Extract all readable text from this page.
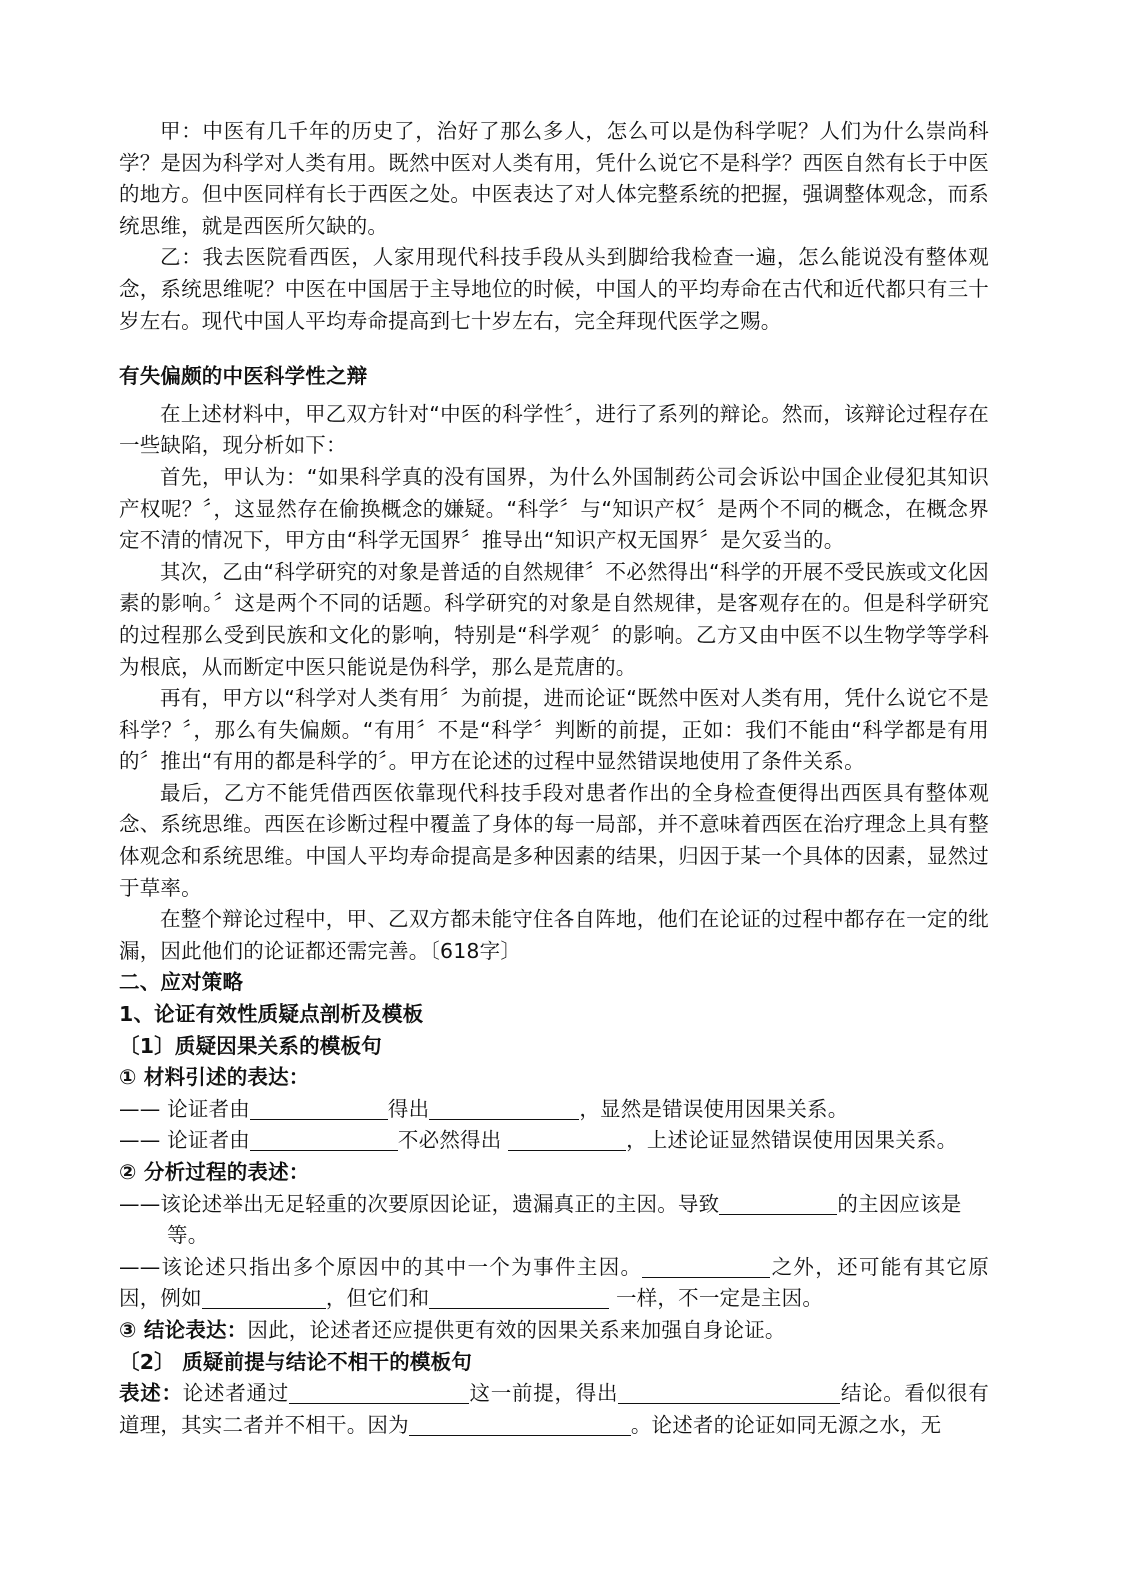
甲：中医有几千年的历史了，治好了那么多人，怎么可以是伪科学呢？人们为什么崇尚科学？是因为科学对人类有用。既然中医对人类有用，凭什么说它不是科学？西医自然有长于中医的地方。但中医同样有长于西医之处。中医表达了对人体完整系统的把握，强调整体观念，而系统思维，就是西医所欠缺的。

乙：我去医院看西医，人家用现代科技手段从头到脚给我检查一遍，怎么能说没有整体观念，系统思维呢？中医在中国居于主导地位的时候，中国人的平均寿命在古代和近代都只有三十岁左右。现代中国人平均寿命提高到七十岁左右，完全拜现代医学之赐。

有失偏颇的中医科学性之辩

在上述材料中，甲乙双方针对“中医的科学性〞，进行了系列的辩论。然而，该辩论过程存在一些缺陷，现分析如下：

首先，甲认为：“如果科学真的没有国界，为什么外国制药公司会诉讼中国企业侵犯其知识产权呢？〞，这显然存在偷换概念的嫌疑。“科学〞与“知识产权〞是两个不同的概念，在概念界定不清的情况下，甲方由“科学无国界〞推导出“知识产权无国界〞是欠妥当的。

其次，乙由“科学研究的对象是普适的自然规律〞不必然得出“科学的开展不受民族或文化因素的影响。〞这是两个不同的话题。科学研究的对象是自然规律，是客观存在的。但是科学研究的过程那么受到民族和文化的影响，特别是“科学观〞的影响。乙方又由中医不以生物学等学科为根底，从而断定中医只能说是伪科学，那么是荒唐的。

再有，甲方以“科学对人类有用〞为前提，进而论证“既然中医对人类有用，凭什么说它不是科学？〞，那么有失偏颇。“有用〞不是“科学〞判断的前提，正如：我们不能由“科学都是有用的〞推出“有用的都是科学的〞。甲方在论述的过程中显然错误地使用了条件关系。

最后，乙方不能凭借西医依靠现代科技手段对患者作出的全身检查便得出西医具有整体观念、系统思维。西医在诊断过程中覆盖了身体的每一局部，并不意味着西医在治疗理念上具有整体观念和系统思维。中国人平均寿命提高是多种因素的结果，归因于某一个具体的因素，显然过于草率。

在整个辩论过程中，甲、乙双方都未能守住各自阵地，他们在论证的过程中都存在一定的纰漏，因此他们的论证都还需完善。〔618字〕

二、应对策略

1、论证有效性质疑点剖析及模板

〔1〕质疑因果关系的模板句

① 材料引述的表达：

—— 论证者由	得出	，显然是错误使用因果关系。

—— 论证者由	不必然得出	，上述论证显然错误使用因果关系。

② 分析过程的表述：

——该论述举出无足轻重的次要原因论证，遗漏真正的主因。导致	的主因应该是

等。

——该论述只指出多个原因中的其中一个为事件主因。	之外，还可能有其它原因，例如	，但它们和	一样，不一定是主因。

③ 结论表达：因此，论述者还应提供更有效的因果关系来加强自身论证。

〔2〕 质疑前提与结论不相干的模板句

表述：论述者通过	这一前提，得出	结论。看似很有道理，其实二者并不相干。因为	。论述者的论证如同无源之水，无
